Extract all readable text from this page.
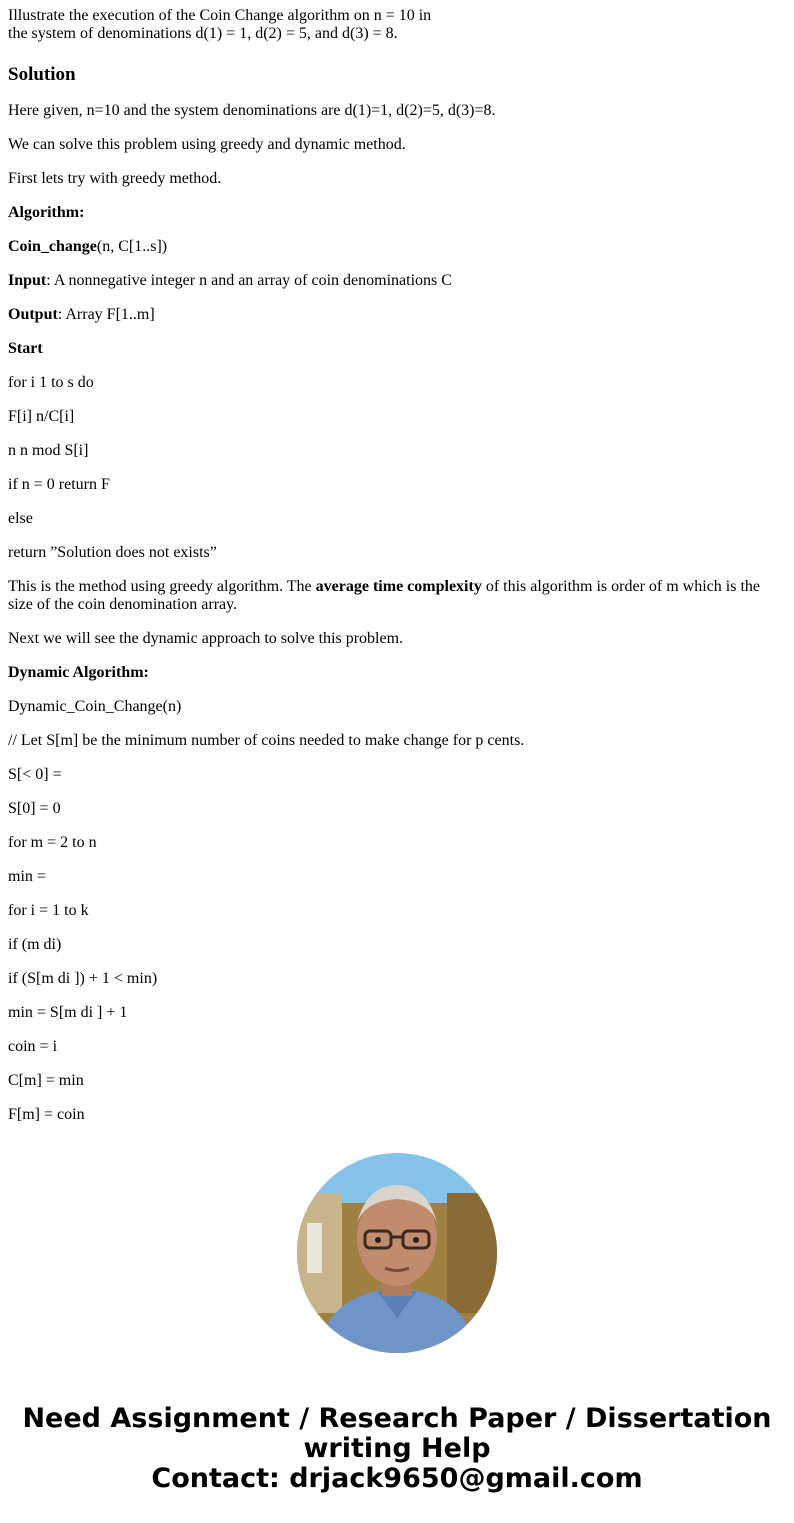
Illustrate the execution of the Coin Change algorithm on n = 10 in
the system of denominations d(1) = 1, d(2) = 5, and d(3) = 8.
Solution

Here given, n=10 and the system denominations are d(1)=1, d(2)=5, d(3)=8.

We can solve this problem using greedy and dynamic method.

First lets try with greedy method.

Algorithm:

Coin_change(n, C[1..s])

Input: A nonnegative integer n and an array of coin denominations C

Output: Array F[1..m]

Start

for i 1 to s do

F[i] n/C[i]

n n mod S[i]

if n = 0 return F

else

return ”Solution does not exists”

This is the method using greedy algorithm. The average time complexity of this algorithm is order of m which is the size of the coin denomination array.

Next we will see the dynamic approach to solve this problem.

Dynamic Algorithm:

Dynamic_Coin_Change(n)

// Let S[m] be the minimum number of coins needed to make change for p cents.

S[< 0] =

S[0] = 0

for m = 2 to n

min =

for i = 1 to k

if (m di)

if (S[m di ]) + 1 < min)

min = S[m di ] + 1

coin = i

C[m] = min

F[m] = coin

Need Assignment / Research Paper / Dissertation
writing Help
Contact: drjack9650@gmail.com
